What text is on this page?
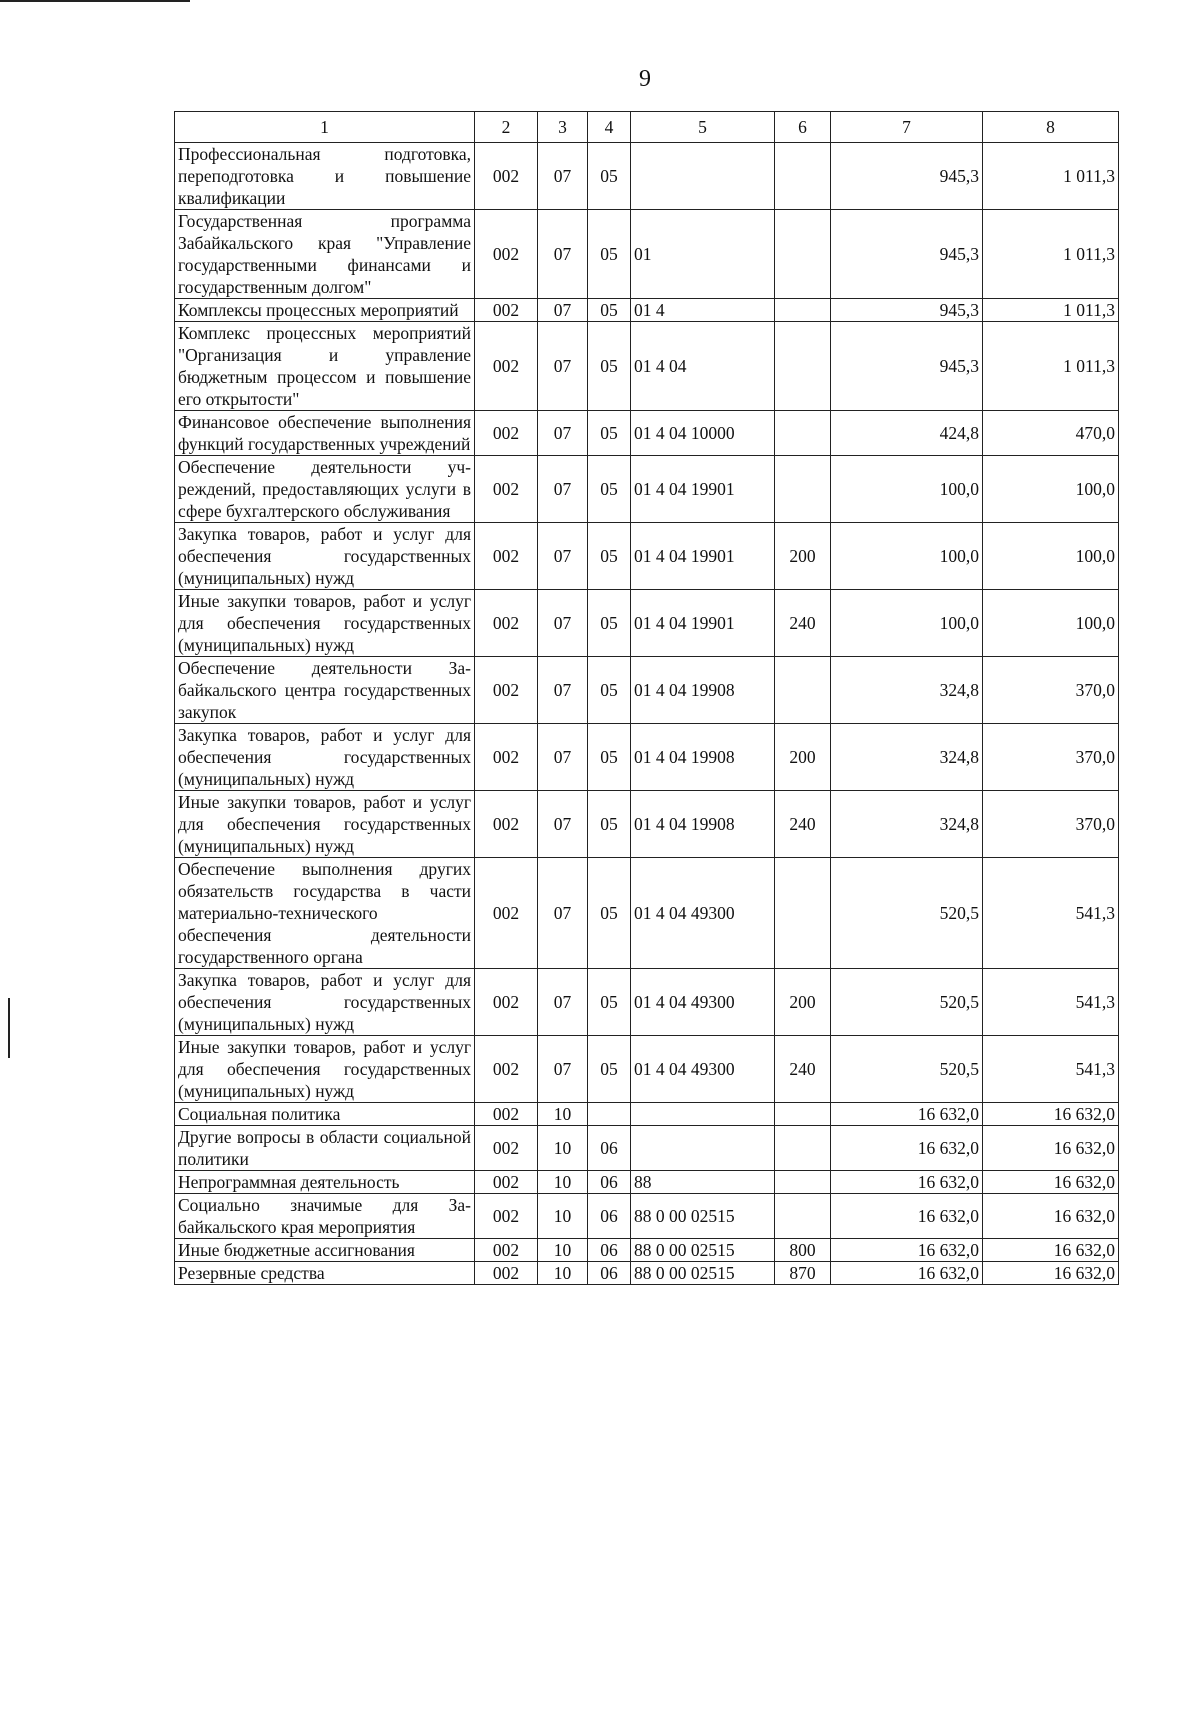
9
1	2	3	4	5	6	7	8
Профессиональная подготовка, переподготовка и повышение квалификации	002	07	05			945,3	1 011,3
Государственная программа Забайкальского края "Управление государственными финансами и государственным долгом"	002	07	05	01		945,3	1 011,3
Комплексы процессных мероприятий	002	07	05	01 4		945,3	1 011,3
Комплекс процессных мероприятий "Организация и управление бюджетным процессом и повышение его открытости"	002	07	05	01 4 04		945,3	1 011,3
Финансовое обеспечение выполнения функций государственных учреждений	002	07	05	01 4 04 10000		424,8	470,0
Обеспечение деятельности учреждений, предоставляющих услуги в сфере бухгалтерского обслуживания	002	07	05	01 4 04 19901		100,0	100,0
Закупка товаров, работ и услуг для обеспечения государственных (муниципальных) нужд	002	07	05	01 4 04 19901	200	100,0	100,0
Иные закупки товаров, работ и услуг для обеспечения государственных (муниципальных) нужд	002	07	05	01 4 04 19901	240	100,0	100,0
Обеспечение деятельности Забайкальского центра государственных закупок	002	07	05	01 4 04 19908		324,8	370,0
Закупка товаров, работ и услуг для обеспечения государственных (муниципальных) нужд	002	07	05	01 4 04 19908	200	324,8	370,0
Иные закупки товаров, работ и услуг для обеспечения государственных (муниципальных) нужд	002	07	05	01 4 04 19908	240	324,8	370,0
Обеспечение выполнения других обязательств государства в части материально-технического обеспечения деятельности государственного органа	002	07	05	01 4 04 49300		520,5	541,3
Закупка товаров, работ и услуг для обеспечения государственных (муниципальных) нужд	002	07	05	01 4 04 49300	200	520,5	541,3
Иные закупки товаров, работ и услуг для обеспечения государственных (муниципальных) нужд	002	07	05	01 4 04 49300	240	520,5	541,3
Социальная политика	002	10				16 632,0	16 632,0
Другие вопросы в области социальной политики	002	10	06			16 632,0	16 632,0
Непрограммная деятельность	002	10	06	88		16 632,0	16 632,0
Социально значимые для Забайкальского края мероприятия	002	10	06	88 0 00 02515		16 632,0	16 632,0
Иные бюджетные ассигнования	002	10	06	88 0 00 02515	800	16 632,0	16 632,0
Резервные средства	002	10	06	88 0 00 02515	870	16 632,0	16 632,0
